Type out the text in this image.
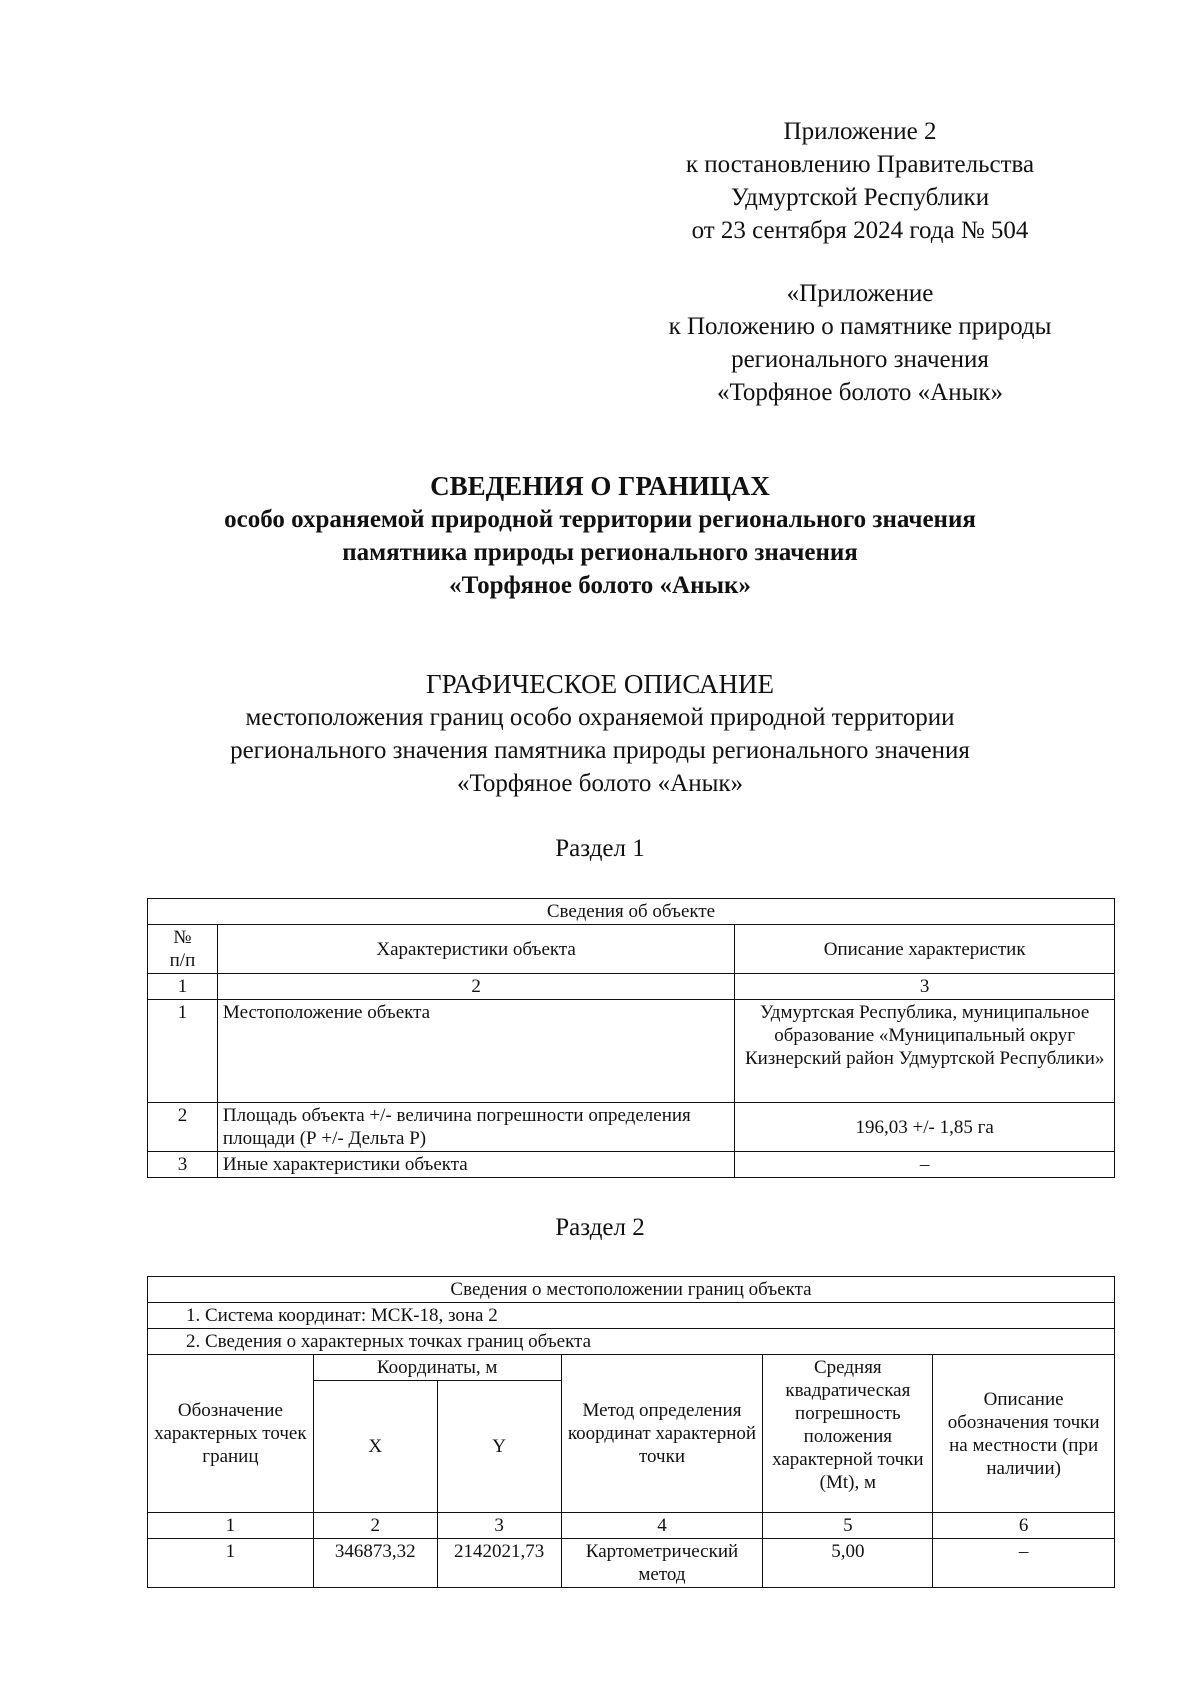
Приложение 2
к постановлению Правительства
Удмуртской Республики
от 23 сентября 2024 года № 504
«Приложение
к Положению о памятнике природы
регионального значения
«Торфяное болото «Анык»
СВЕДЕНИЯ О ГРАНИЦАХ
особо охраняемой природной территории регионального значения
памятника природы регионального значения
«Торфяное болото «Анык»
ГРАФИЧЕСКОЕ ОПИСАНИЕ
местоположения границ особо охраняемой природной территории
регионального значения памятника природы регионального значения
«Торфяное болото «Анык»
Раздел 1
Сведения об объекте		

№
п/п	Характеристики объекта	Описание характеристик
1	2	3
1	Местоположение объекта	Удмуртская Республика, муниципальное образование «Муниципальный округ Кизнерский район Удмуртской Республики»
2	Площадь объекта +/- величина погрешности определения площади (Р +/- Дельта Р)	196,03 +/- 1,85 га
3	Иные характеристики объекта	–
Раздел 2
Сведения о местоположении границ объекта					
1. Система координат: МСК-18, зона 2					
2. Сведения о характерных точках границ объекта					
Обозначение характерных точек границ	Координаты, м		Метод определения координат характерной точки	Средняя квадратическая погрешность положения характерной точки (Mt), м	Описание обозначения точки на местности (при наличии)
	X	Y			
1	2	3	4	5	6
1	346873,32	2142021,73	Картометрический метод	5,00	–
